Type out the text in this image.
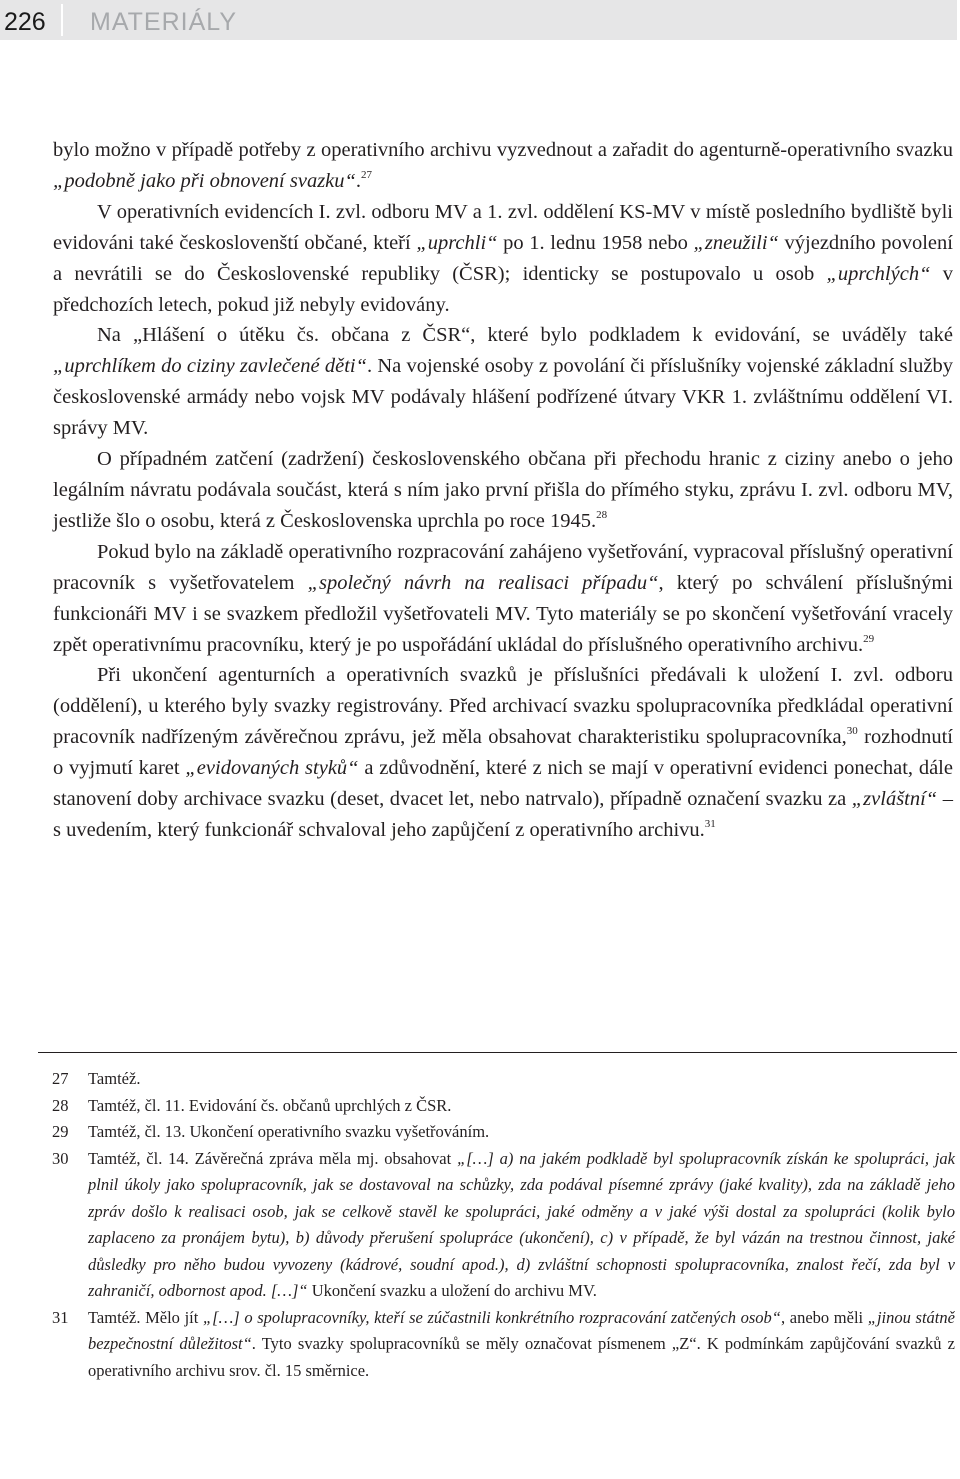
226 MATERIÁLY

bylo možno v případě potřeby z operativního archivu vyzvednout a zařadit do agenturně-operativního svazku „podobně jako při obnovení svazku“.$^{27}$

V operativních evidencích I. zvl. odboru MV a 1. zvl. oddělení KS-MV v místě posledního bydliště byli evidováni také českoslovenští občané, kteří „uprchli“ po 1. lednu 1958 nebo „zneužili“ výjezdního povolení a nevrátili se do Československé republiky (ČSR); identicky se postupovalo u osob „uprchlých“ v předchozích letech, pokud již nebyly evidovány.

Na „Hlášení o útěku čs. občana z ČSR“, které bylo podkladem k evidování, se uváděly také „uprchlíkem do ciziny zavlečené děti“. Na vojenské osoby z povolání či příslušníky vojenské základní služby československé armády nebo vojsk MV podávaly hlášení podřízené útvary VKR 1. zvláštnímu oddělení VI. správy MV.

O případném zatčení (zadržení) československého občana při přechodu hranic z ciziny anebo o jeho legálním návratu podávala součást, která s ním jako první přišla do přímého styku, zprávu I. zvl. odboru MV, jestliže šlo o osobu, která z Československa uprchla po roce 1945.28

Pokud bylo na základě operativního rozpracování zahájeno vyšetřování, vypracoval příslušný operativní pracovník s vyšetřovatelem „společný návrh na realisaci případu“, který po schválení příslušnými funkcionáři MV i se svazkem předložil vyšetřovateli MV. Tyto materiály se po skončení vyšetřování vracely zpět operativnímu pracovníku, který je po uspořádání ukládal do příslušného operativního archivu.$^{29}$

Při ukončení agenturních a operativních svazků je příslušníci předávali k uložení I. zvl. odboru (oddělení), u kterého byly svazky registrovány. Před archivací svazku spolupracovníka předkládal operativní pracovník nadřízeným závěrečnou zprávu, jež měla obsahovat charakteristiku spolupracovníka,$^{30}$ rozhodnutí o vyjmutí karet „evidovaných styků“ a zdůvodnění, které z nich se mají v operativní evidenci ponechat, dále stanovení doby archivace svazku (deset, dvacet let, nebo natrvalo), případně označení svazku za „zvláštní“ – s uvedením, který funkcionář schvaloval jeho zapůjčení z operativního archivu.$^{31}$

27	Tamtéž.
28	Tamtéž, čl. 11. Evidování čs. občanů uprchlých z ČSR.
29	Tamtéž, čl. 13. Ukončení operativního svazku vyšetřováním.
30	Tamtéž, čl. 14. Závěrečná zpráva měla mj. obsahovat „[…] a) na jakém podkladě byl spolupracovník získán ke spolupráci, jak plnil úkoly jako spolupracovník, jak se dostavoval na schůzky, zda podával písemné zprávy (jaké kvality), zda na základě jeho zpráv došlo k realisaci osob, jak se celkově stavěl ke spolupráci, jaké odměny a v jaké výši dostal za spolupráci (kolik bylo zaplaceno za pronájem bytu), b) důvody přerušení spolupráce (ukončení), c) v případě, že byl vázán na trestnou činnost, jaké důsledky pro něho budou vyvozeny (kádrové, soudní apod.), d) zvláštní schopnosti spolupracovníka, znalost řečí, zda byl v zahraničí, odbornost apod. […]“ Ukončení svazku a uložení do archivu MV.
31	Tamtéž. Mělo jít „[…] o spolupracovníky, kteří se zúčastnili konkrétního rozpracování zatčených osob“, anebo měli „jinou státně bezpečnostní důležitost“. Tyto svazky spolupracovníků se měly označovat písmenem „Z“. K podmínkám zapůjčování svazků z operativního archivu srov. čl. 15 směrnice.
